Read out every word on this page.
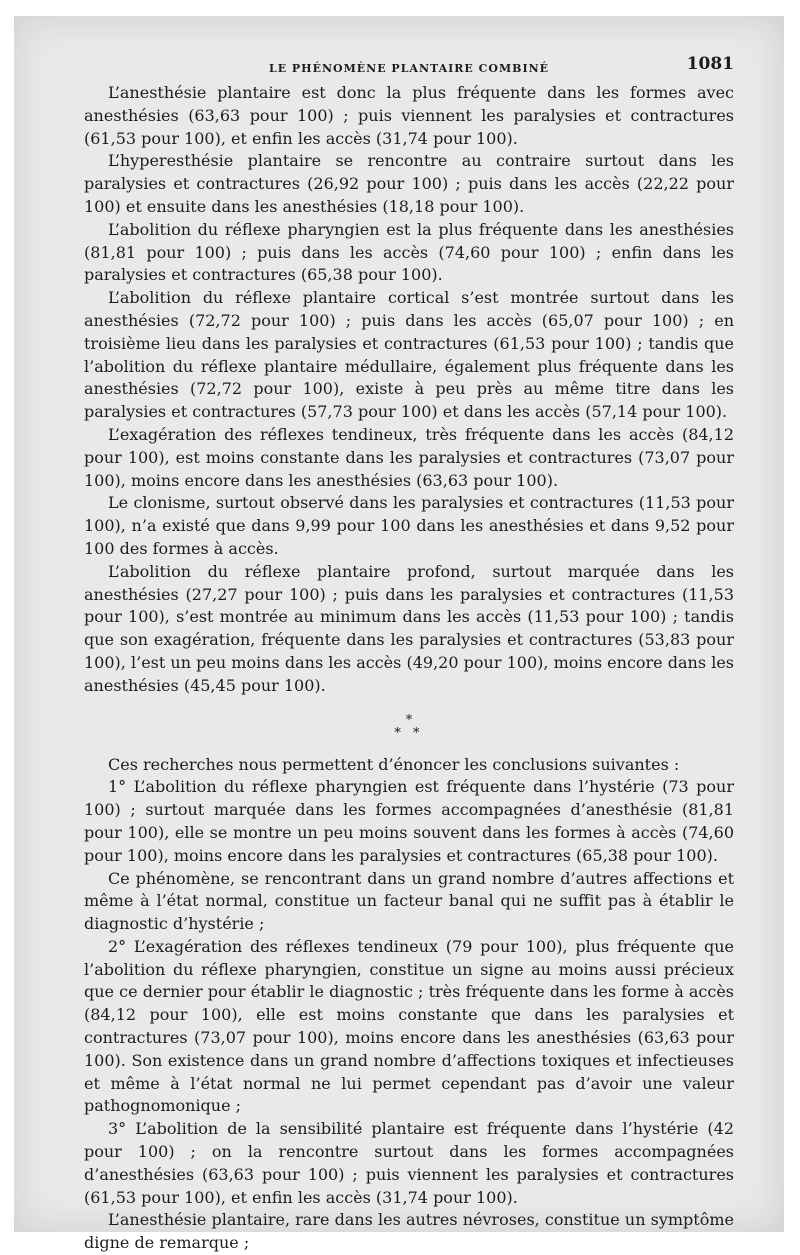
LE PHÉNOMÈNE PLANTAIRE COMBINÉ	1081

L’anesthésie plantaire est donc la plus fréquente dans les formes avec anesthésies (63,63 pour 100) ; puis viennent les paralysies et contractures (61,53 pour 100), et enfin les accès (31,74 pour 100).

L’hyperesthésie plantaire se rencontre au contraire surtout dans les paralysies et contractures (26,92 pour 100) ; puis dans les accès (22,22 pour 100) et ensuite dans les anesthésies (18,18 pour 100).

L’abolition du réflexe pharyngien est la plus fréquente dans les anesthésies (81,81 pour 100) ; puis dans les accès (74,60 pour 100) ; enfin dans les paralysies et contractures (65,38 pour 100).

L’abolition du réflexe plantaire cortical s’est montrée surtout dans les anesthésies (72,72 pour 100) ; puis dans les accès (65,07 pour 100) ; en troisième lieu dans les paralysies et contractures (61,53 pour 100) ; tandis que l’abolition du réflexe plantaire médullaire, également plus fréquente dans les anesthésies (72,72 pour 100), existe à peu près au même titre dans les paralysies et contractures (57,73 pour 100) et dans les accès (57,14 pour 100).

L’exagération des réflexes tendineux, très fréquente dans les accès (84,12 pour 100), est moins constante dans les paralysies et contractures (73,07 pour 100), moins encore dans les anesthésies (63,63 pour 100).

Le clonisme, surtout observé dans les paralysies et contractures (11,53 pour 100), n’a existé que dans 9,99 pour 100 dans les anesthésies et dans 9,52 pour 100 des formes à accès.

L’abolition du réflexe plantaire profond, surtout marquée dans les anesthésies (27,27 pour 100) ; puis dans les paralysies et contractures (11,53 pour 100), s’est montrée au minimum dans les accès (11,53 pour 100) ; tandis que son exagération, fréquente dans les paralysies et contractures (53,83 pour 100), l’est un peu moins dans les accès (49,20 pour 100), moins encore dans les anesthésies (45,45 pour 100).

*
* *

Ces recherches nous permettent d’énoncer les conclusions suivantes :

1° L’abolition du réflexe pharyngien est fréquente dans l’hystérie (73 pour 100) ; surtout marquée dans les formes accompagnées d’anesthésie (81,81 pour 100), elle se montre un peu moins souvent dans les formes à accès (74,60 pour 100), moins encore dans les paralysies et contractures (65,38 pour 100).

Ce phénomène, se rencontrant dans un grand nombre d’autres affections et même à l’état normal, constitue un facteur banal qui ne suffit pas à établir le diagnostic d’hystérie ;

2° L’exagération des réflexes tendineux (79 pour 100), plus fréquente que l’abolition du réflexe pharyngien, constitue un signe au moins aussi précieux que ce dernier pour établir le diagnostic ; très fréquente dans les forme à accès (84,12 pour 100), elle est moins constante que dans les paralysies et contractures (73,07 pour 100), moins encore dans les anesthésies (63,63 pour 100). Son existence dans un grand nombre d’affections toxiques et infectieuses et même à l’état normal ne lui permet cependant pas d’avoir une valeur pathognomonique ;

3° L’abolition de la sensibilité plantaire est fréquente dans l’hystérie (42 pour 100) ; on la rencontre surtout dans les formes accompagnées d’anesthésies (63,63 pour 100) ; puis viennent les paralysies et contractures (61,53 pour 100), et enfin les accès (31,74 pour 100).

L’anesthésie plantaire, rare dans les autres névroses, constitue un symptôme digne de remarque ;
